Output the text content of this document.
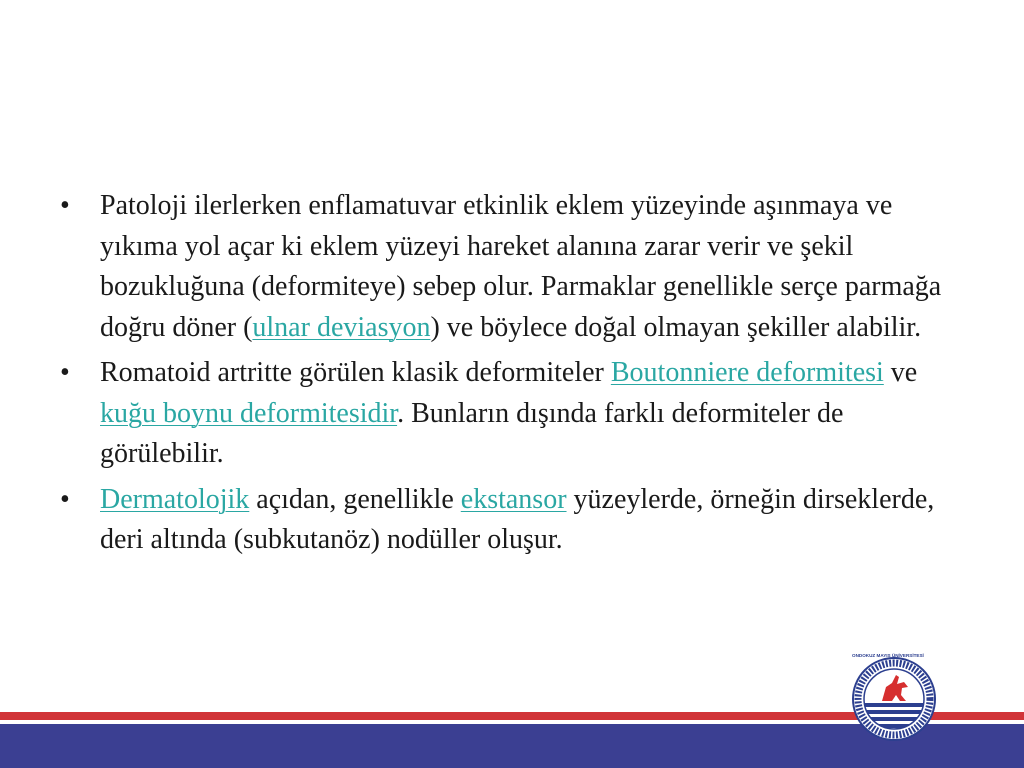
•	Patoloji ilerlerken enflamatuvar etkinlik eklem yüzeyinde aşınmaya ve yıkıma yol açar ki eklem yüzeyi hareket alanına zarar verir ve şekil bozukluğuna (deformiteye) sebep olur. Parmaklar genellikle serçe parmağa doğru döner (ulnar deviasyon) ve böylece doğal olmayan şekiller alabilir.
•	Romatoid artritte görülen klasik deformiteler Boutonniere deformitesi ve kuğu boynu deformitesidir. Bunların dışında farklı deformiteler de görülebilir.
•	Dermatolojik açıdan, genellikle ekstansor yüzeylerde, örneğin dirseklerde, deri altında (subkutanöz) nodüller oluşur.
ONDOKUZ MAYIS ÜNİVERSİTESİ
